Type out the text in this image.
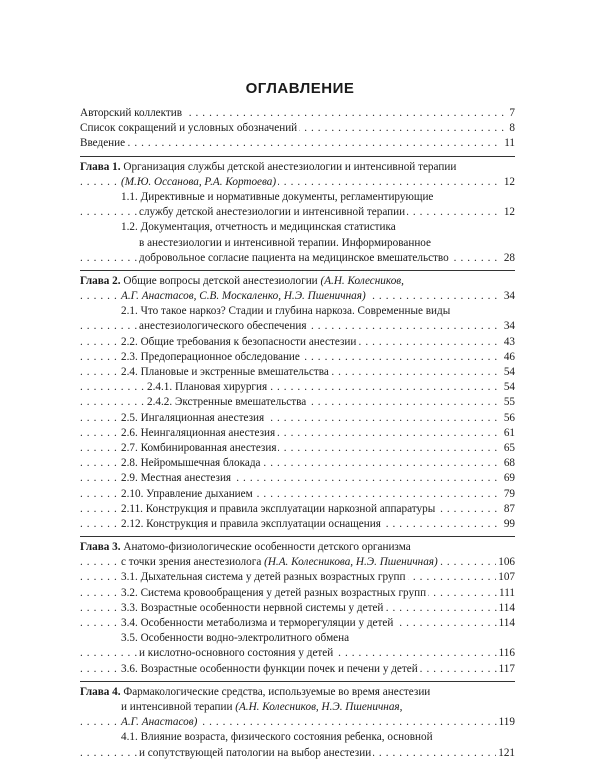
ОГЛАВЛЕНИЕ
. . . Авторский коллектив	7
. . . Список сокращений и условных обозначений	8
. . . Введение	11
Глава 1. Организация службы детской анестезиологии и интенсивной терапии
. . . (М.Ю. Оссанова, Р.А. Кортоева)	12
1.1. Директивные и нормативные документы, регламентирующие
. . . службу детской анестезиологии и интенсивной терапии	12
1.2. Документация, отчетность и медицинская статистика
в анестезиологии и интенсивной терапии. Информированное
. . . добровольное согласие пациента на медицинское вмешательство	28
Глава 2. Общие вопросы детской анестезиологии (А.Н. Колесников,
. . . А.Г. Анастасов, С.В. Москаленко, Н.Э. Пшеничная)	34
2.1. Что такое наркоз? Стадии и глубина наркоза. Современные виды
. . . анестезиологического обеспечения	34
. . . 2.2. Общие требования к безопасности анестезии	43
. . . 2.3. Предоперационное обследование	46
. . . 2.4. Плановые и экстренные вмешательства	54
. . . 2.4.1. Плановая хирургия	54
. . . 2.4.2. Экстренные вмешательства	55
. . . 2.5. Ингаляционная анестезия	56
. . . 2.6. Неингаляционная анестезия	61
. . . 2.7. Комбинированная анестезия	65
. . . 2.8. Нейромышечная блокада	68
. . . 2.9. Местная анестезия	69
. . . 2.10. Управление дыханием	79
. . . 2.11. Конструкция и правила эксплуатации наркозной аппаратуры	87
. . . 2.12. Конструкция и правила эксплуатации оснащения	99
Глава 3. Анатомо-физиологические особенности детского организма
. . . с точки зрения анестезиолога (Н.А. Колесникова, Н.Э. Пшеничная)	106
. . . 3.1. Дыхательная система у детей разных возрастных групп	107
. . . 3.2. Система кровообращения у детей разных возрастных групп	111
. . . 3.3. Возрастные особенности нервной системы у детей	114
. . . 3.4. Особенности метаболизма и терморегуляции у детей	114
3.5. Особенности водно-электролитного обмена
. . . и кислотно-основного состояния у детей	116
. . . 3.6. Возрастные особенности функции почек и печени у детей	117
Глава 4. Фармакологические средства, используемые во время анестезии
и интенсивной терапии (А.Н. Колесников, Н.Э. Пшеничная,
. . . А.Г. Анастасов)	119
4.1. Влияние возраста, физического состояния ребенка, основной
. . . и сопутствующей патологии на выбор анестезии	121
